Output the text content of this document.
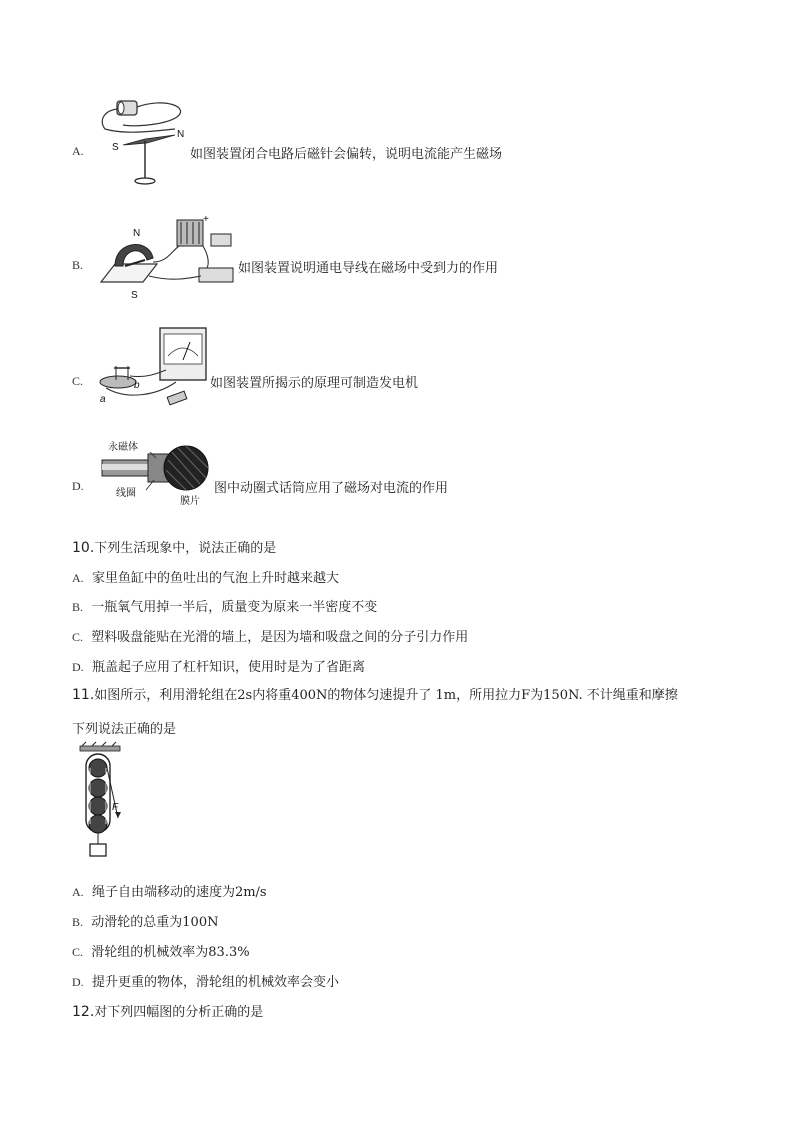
A.	S
N
如图装置闭合电路后磁针会偏转，说明电流能产生磁场
B.
N
S
+
如图装置说明通电导线在磁场中受到力的作用
C.
a
b	如图装置所揭示的原理可制造发电机
D.
永磁体
线圈
膜片
图中动圈式话筒应用了磁场对电流的作用
10.下列生活现象中，说法正确的是
A. 家里鱼缸中的鱼吐出的气泡上升时越来越大
B. 一瓶氧气用掉一半后，质量变为原来一半密度不变
C. 塑料吸盘能贴在光滑的墙上，是因为墙和吸盘之间的分子引力作用
D. 瓶盖起子应用了杠杆知识，使用时是为了省距离
11.如图所示，利用滑轮组在2s内将重400N的物体匀速提升了 1m，所用拉力F为150N. 不计绳重和摩擦
下列说法正确的是
F
A. 绳子自由端移动的速度为2m/s
B. 动滑轮的总重为100N
C. 滑轮组的机械效率为83.3%
D. 提升更重的物体，滑轮组的机械效率会变小
12.对下列四幅图的分析正确的是
